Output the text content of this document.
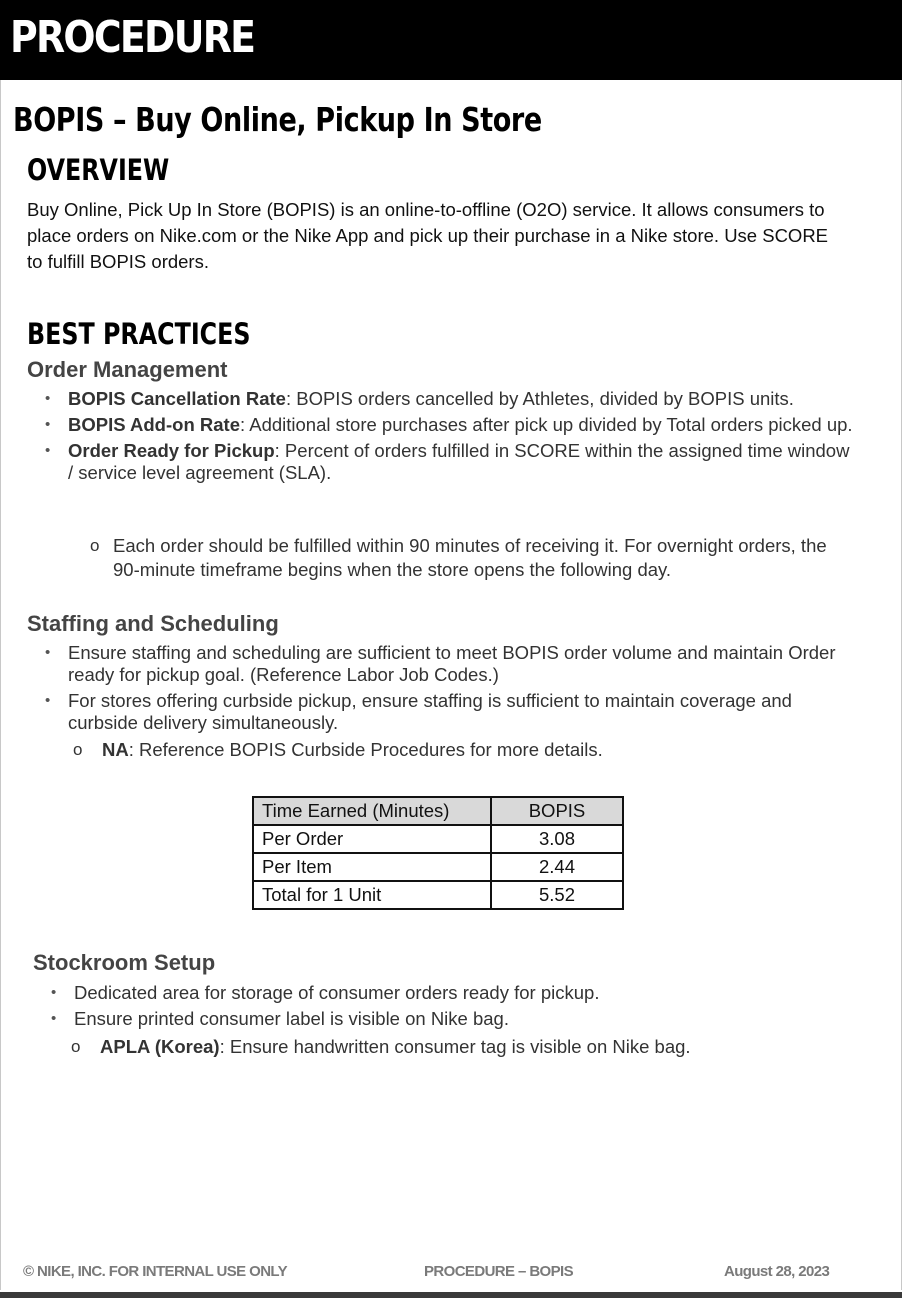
PROCEDURE
BOPIS – Buy Online, Pickup In Store
OVERVIEW

Buy Online, Pick Up In Store (BOPIS) is an online-to-offline (O2O) service. It allows consumers to place orders on Nike.com or the Nike App and pick up their purchase in a Nike store. Use SCORE to fulfill BOPIS orders.

BEST PRACTICES
Order Management
• BOPIS Cancellation Rate: BOPIS orders cancelled by Athletes, divided by BOPIS units.
• BOPIS Add-on Rate: Additional store purchases after pick up divided by Total orders picked up.
• Order Ready for Pickup: Percent of orders fulfilled in SCORE within the assigned time window / service level agreement (SLA).
o Each order should be fulfilled within 90 minutes of receiving it. For overnight orders, the 90-minute timeframe begins when the store opens the following day.
Staffing and Scheduling
• Ensure staffing and scheduling are sufficient to meet BOPIS order volume and maintain Order ready for pickup goal. (Reference Labor Job Codes.)
• For stores offering curbside pickup, ensure staffing is sufficient to maintain coverage and curbside delivery simultaneously.
o	NA: Reference BOPIS Curbside Procedures for more details.
Time Earned (Minutes)	BOPIS
Per Order	3.08
Per Item	2.44
Total for 1 Unit	5.52
Stockroom Setup
• Dedicated area for storage of consumer orders ready for pickup.
• Ensure printed consumer label is visible on Nike bag.
o	APLA (Korea): Ensure handwritten consumer tag is visible on Nike bag.
© NIKE, INC. FOR INTERNAL USE ONLY	PROCEDURE – BOPIS	August 28, 2023
